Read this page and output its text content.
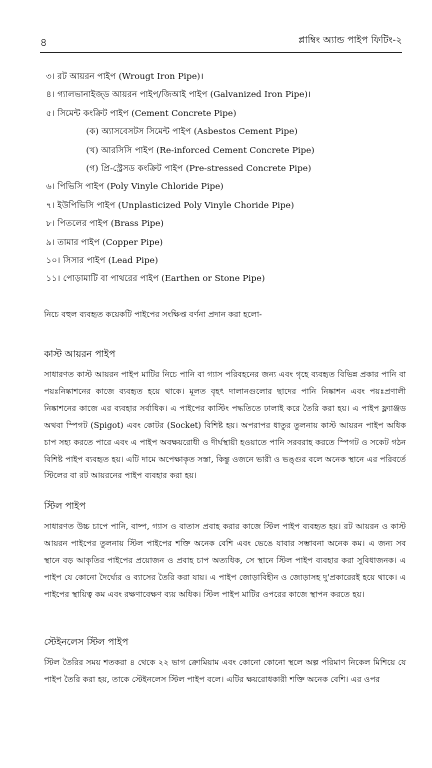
৪	প্লাম্বিং অ্যান্ড পাইপ ফিটিং-২
৩। রট আয়রন পাইপ (Wrougt Iron Pipe)।
৪। গ্যালভানাইজ্ড আয়রন পাইপ/জিআই পাইপ (Galvanized Iron Pipe)।
৫। সিমেন্ট কংক্রিট পাইপ (Cement Concrete Pipe)
(ক) অ্যাসবেসটস সিমেন্ট পাইপ (Asbestos Cement Pipe)
(খ) আরসিসি পাইপ (Re-inforced Cement Concrete Pipe)
(গ) প্রি-স্ট্রেসড কংক্রিট পাইপ (Pre-stressed Concrete Pipe)
৬। পিভিসি পাইপ (Poly Vinyle Chloride Pipe)
৭। ইউপিভিসি পাইপ (Unplasticized Poly Vinyle Choride Pipe)
৮। পিতলের পাইপ (Brass Pipe)
৯। তামার পাইপ (Copper Pipe)
১০। সিসার পাইপ (Lead Pipe)
১১। পোড়ামাটি বা পাথরের পাইপ (Earthen or Stone Pipe)

নিচে বহুল ব্যবহৃত কয়েকটি পাইপের সংক্ষিপ্ত বর্ণনা প্রদান করা হলো-

কাস্ট আয়রন পাইপ

সাধারণত কাস্ট আয়রন পাইপ মাটির নিচে পানি বা গ্যাস পরিবহনের জন্য এবং গৃহে ব্যবহৃত বিভিন্ন প্রকার পানি বা পয়ঃনিষ্কাশনের কাজে ব্যবহৃত হয়ে থাকে। মূলত বৃহৎ দালানগুলোর ছাদের পানি নিষ্কাশন এবং পয়ঃপ্রণালী নিষ্কাশনের কাজে এর ব্যবহার সর্বাধিক। এ পাইপের কাস্টিং পদ্ধতিতে ঢালাই করে তৈরি করা হয়। এ পাইপ ফ্ল্যাঞ্জড অথবা স্পিগট (Spigot) এবং কোটর (Socket) বিশিষ্ট হয়। অপরাপর ধাতুর তুলনায় কাস্ট আয়রন পাইপ অধিক চাপ সহ্য করতে পারে এবং এ পাইপ অবক্ষয়রোধী ও দীর্ঘস্থায়ী হওয়াতে পানি সরবরাহ করতে স্পিগট ও সকেট গঠন বিশিষ্ট পাইপ ব্যবহৃত হয়। এটি দামে অপেক্ষাকৃত সস্তা, কিন্তু ওজনে ভারী ও ভঙ্গুর বলে অনেক স্থানে এর পরিবর্তে স্টিলের বা রট আয়রনের পাইপ ব্যবহার করা হয়।

স্টিল পাইপ

সাধারণত উচ্চ চাপে পানি, বাষ্প, গ্যাস ও বাতাস প্রবাহ করার কাজে স্টিল পাইপ ব্যবহৃত হয়। রট আয়রন ও কাস্ট আয়রন পাইপের তুলনায় স্টিল পাইপের শক্তি অনেক বেশি এবং ভেঙে যাবার সম্ভাবনা অনেক কম। এ জন্য সব স্থানে বড় আকৃতির পাইপের প্রয়োজন ও প্রবাহ চাপ অত্যধিক, সে স্থানে স্টিল পাইপ ব্যবহার করা সুবিধাজনক। এ পাইপ যে কোনো দৈর্ঘ্যের ও ব্যাসের তৈরি করা যায়। এ পাইপ জোড়াবিহীন ও জোড়াসহ দু'প্রকারেরই হয়ে থাকে। এ পাইপের স্থায়িত্ব কম এবং রক্ষণাবেক্ষণ ব্যয় অধিক। স্টিল পাইপ মাটির ওপরের কাজে স্থাপন করতে হয়।

স্টেইনলেস স্টিল পাইপ

স্টিল তৈরির সময় শতকরা ৪ থেকে ২২ ভাগ ক্রোমিয়াম এবং কোনো কোনো স্থলে অল্প পরিমাণ নিকেল মিশিয়ে যে পাইপ তৈরি করা হয়, তাকে স্টেইনলেস স্টিল পাইপ বলে। এটির ক্ষয়রোধকারী শক্তি অনেক বেশি। এর ওপর
